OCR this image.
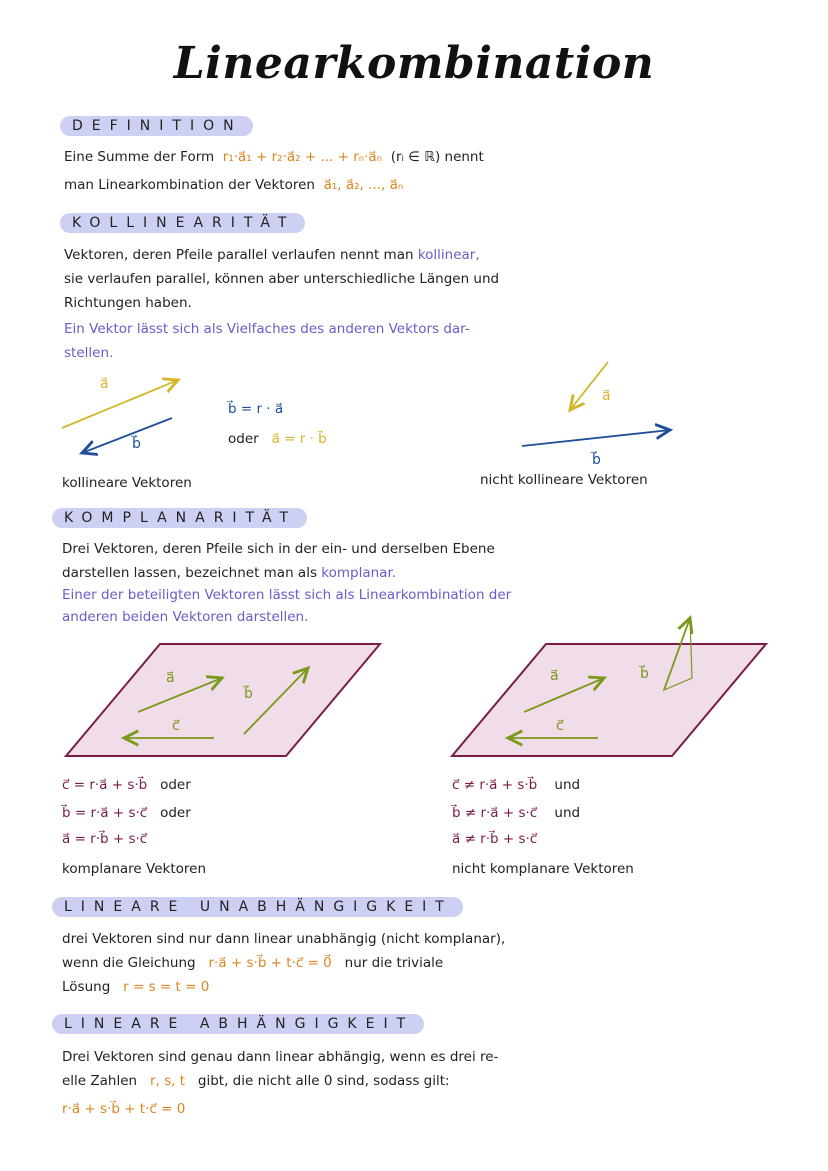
Linearkombination
DEFINITION
Eine Summe der Form r₁·a⃗₁ + r₂·a⃗₂ + ... + rₙ·a⃗ₙ (rᵢ ∈ ℝ) nennt
man Linearkombination der Vektoren a⃗₁, a⃗₂, ..., a⃗ₙ
KOLLINEARITÄT
Vektoren, deren Pfeile parallel verlaufen nennt man kollinear,
sie verlaufen parallel, können aber unterschiedliche Längen und
Richtungen haben.
Ein Vektor lässt sich als Vielfaches des anderen Vektors dar-
stellen.
a⃗
b⃗
a⃗
b⃗
b⃗ = r · a⃗
oder a⃗ = r · b⃗
kollineare Vektoren	nicht kollineare Vektoren
KOMPLANARITÄT
Drei Vektoren, deren Pfeile sich in der ein- und derselben Ebene
darstellen lassen, bezeichnet man als komplanar.
Einer der beteiligten Vektoren lässt sich als Linearkombination der
anderen beiden Vektoren darstellen.
a⃗
b⃗
c⃗
a⃗	b⃗
c⃗
c⃗ = r·a⃗ + s·b⃗ oder
b⃗ = r·a⃗ + s·c⃗ oder
a⃗ = r·b⃗ + s·c⃗
komplanare Vektoren
c⃗ ≠ r·a⃗ + s·b⃗ und
b⃗ ≠ r·a⃗ + s·c⃗ und
a⃗ ≠ r·b⃗ + s·c⃗
nicht komplanare Vektoren
LINEARE UNABHÄNGIGKEIT
drei Vektoren sind nur dann linear unabhängig (nicht komplanar),
wenn die Gleichung r·a⃗ + s·b⃗ + t·c⃗ = 0⃗ nur die triviale
Lösung r = s = t = 0
LINEARE ABHÄNGIGKEIT
Drei Vektoren sind genau dann linear abhängig, wenn es drei re-
elle Zahlen r, s, t gibt, die nicht alle 0 sind, sodass gilt:
r·a⃗ + s·b⃗ + t·c⃗ = 0
